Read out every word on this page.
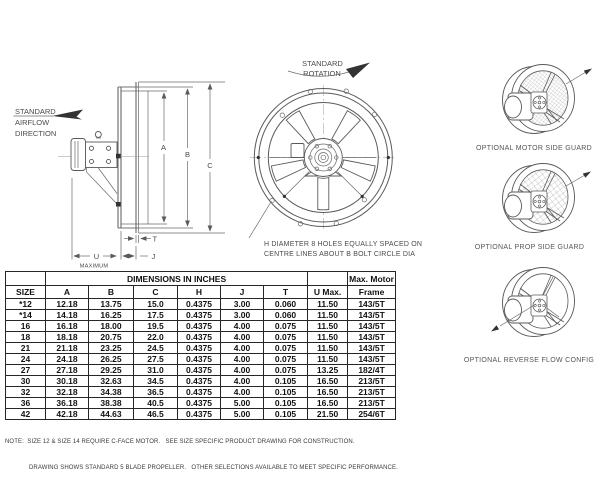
STANDARD
AIRFLOW
DIRECTION
A
B
C
T
J
U
MAXIMUM
STANDARD
ROTATION
H DIAMETER 8 HOLES EQUALLY SPACED ON
CENTRE LINES ABOUT B BOLT CIRCLE DIA
OPTIONAL MOTOR SIDE GUARD
OPTIONAL PROP SIDE GUARD
OPTIONAL REVERSE FLOW CONFIG
	DIMENSIONS IN INCHES							Max. Motor
SIZE	A	B	C	H	J	T	U Max.	Frame
*12	12.18	13.75	15.0	0.4375	3.00	0.060	11.50	143/5T
*14	14.18	16.25	17.5	0.4375	3.00	0.060	11.50	143/5T
16	16.18	18.00	19.5	0.4375	4.00	0.075	11.50	143/5T
18	18.18	20.75	22.0	0.4375	4.00	0.075	11.50	143/5T
21	21.18	23.25	24.5	0.4375	4.00	0.075	11.50	143/5T
24	24.18	26.25	27.5	0.4375	4.00	0.075	11.50	143/5T
27	27.18	29.25	31.0	0.4375	4.00	0.075	13.25	182/4T
30	30.18	32.63	34.5	0.4375	4.00	0.105	16.50	213/5T
32	32.18	34.38	36.5	0.4375	4.00	0.105	16.50	213/5T
36	36.18	38.38	40.5	0.4375	5.00	0.105	16.50	213/5T
42	42.18	44.63	46.5	0.4375	5.00	0.105	21.50	254/6T

NOTE:  SIZE 12 & SIZE 14 REQUIRE C-FACE MOTOR.   SEE SIZE SPECIFIC PRODUCT DRAWING FOR CONSTRUCTION.

DRAWING SHOWS STANDARD 5 BLADE PROPELLER.   OTHER SELECTIONS AVAILABLE TO MEET SPECIFIC PERFORMANCE.
